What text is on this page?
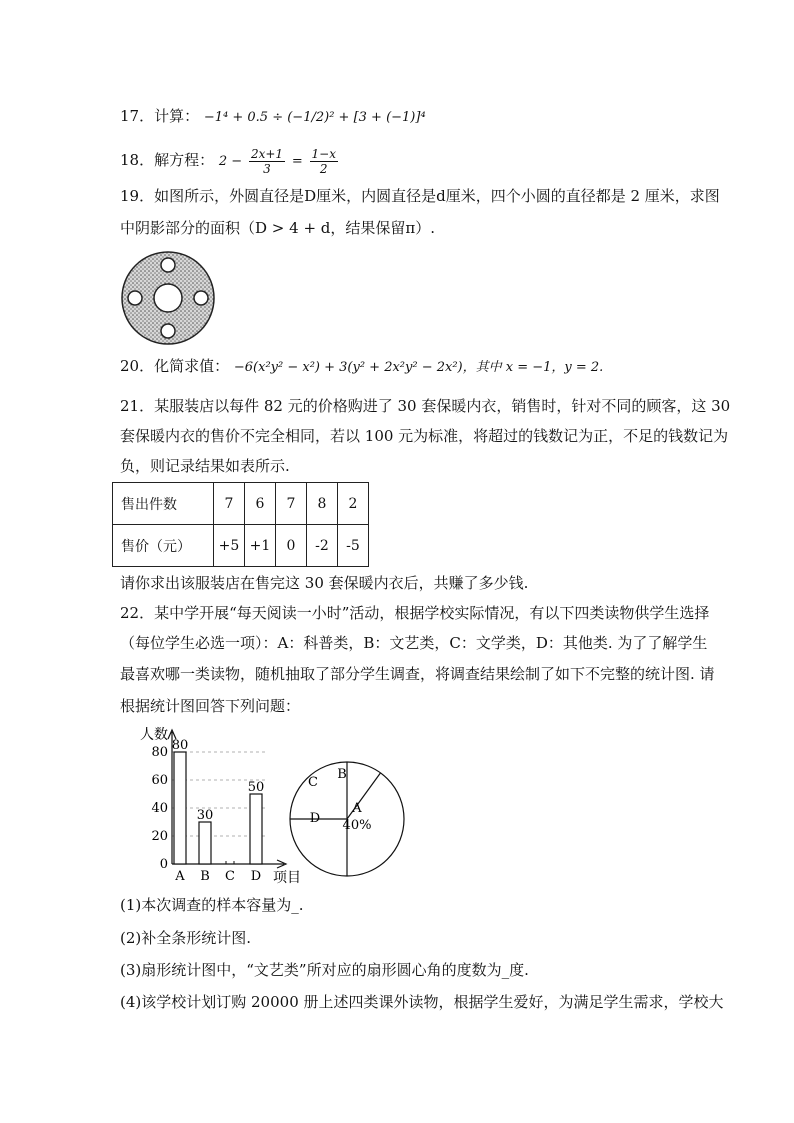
17．计算： −1⁴ + 0.5 ÷ (−1/2)² + [3 + (−1)]⁴
18．解方程： $2 - \frac{2x+1}{3} = \frac{1-x}{2}$
19．如图所示，外圆直径是D厘米，内圆直径是d厘米，四个小圆的直径都是 2 厘米，求图
中阴影部分的面积（D > 4 + d，结果保留π）.
20．化简求值： −6(x²y² − x²) + 3(y² + 2x²y² − 2x²)，其中 x = −1，y = 2.
21．某服装店以每件 82 元的价格购进了 30 套保暖内衣，销售时，针对不同的顾客，这 30
套保暖内衣的售价不完全相同，若以 100 元为标准，将超过的钱数记为正，不足的钱数记为
负，则记录结果如表所示.
售出件数	7	6	7	8	2
售价（元）	+5	+1	0	-2	-5
请你求出该服装店在售完这 30 套保暖内衣后，共赚了多少钱.
22．某中学开展“每天阅读一小时”活动，根据学校实际情况，有以下四类读物供学生选择
（每位学生必选一项）：A：科普类，B：文艺类，C：文学类，D：其他类. 为了了解学生
最喜欢哪一类读物，随机抽取了部分学生调查，将调查结果绘制了如下不完整的统计图. 请
根据统计图回答下列问题：
0
20
40
60
80
人数
项目
A B C D
80
30
50
A
40%
B
C
D
(1)本次调查的样本容量为_.
(2)补全条形统计图.
(3)扇形统计图中，“文艺类”所对应的扇形圆心角的度数为_度.
(4)该学校计划订购 20000 册上述四类课外读物，根据学生爱好，为满足学生需求，学校大
